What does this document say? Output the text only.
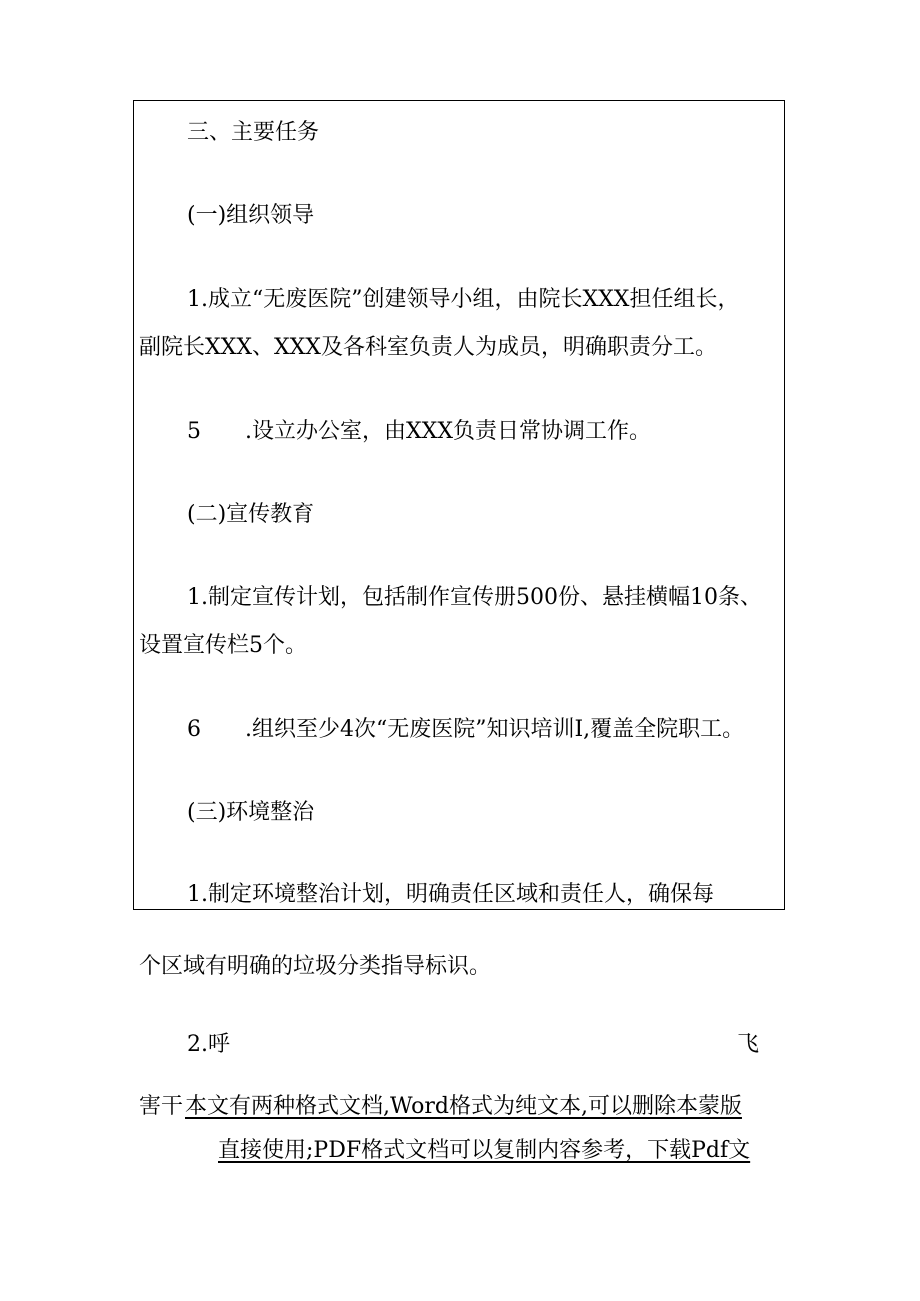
三、主要任务
(一)组织领导
1.成立“无废医院”创建领导小组，由院长XXX担任组长，
副院长XXX、XXX及各科室负责人为成员，明确职责分工。
5 .设立办公室，由XXX负责日常协调工作。
(二)宣传教育
1.制定宣传计划，包括制作宣传册500份、悬挂横幅10条、
设置宣传栏5个。
6 .组织至少4次“无废医院”知识培训I,覆盖全院职工。
(三)环境整治
1.制定环境整治计划，明确责任区域和责任人，确保每
个区域有明确的垃圾分类指导标识。
2.呼	飞
害干 本文有两种格式文档,Word格式为纯文本,可以删除本蒙版
直接使用;PDF格式文档可以复制内容参考，下载Pdf文
